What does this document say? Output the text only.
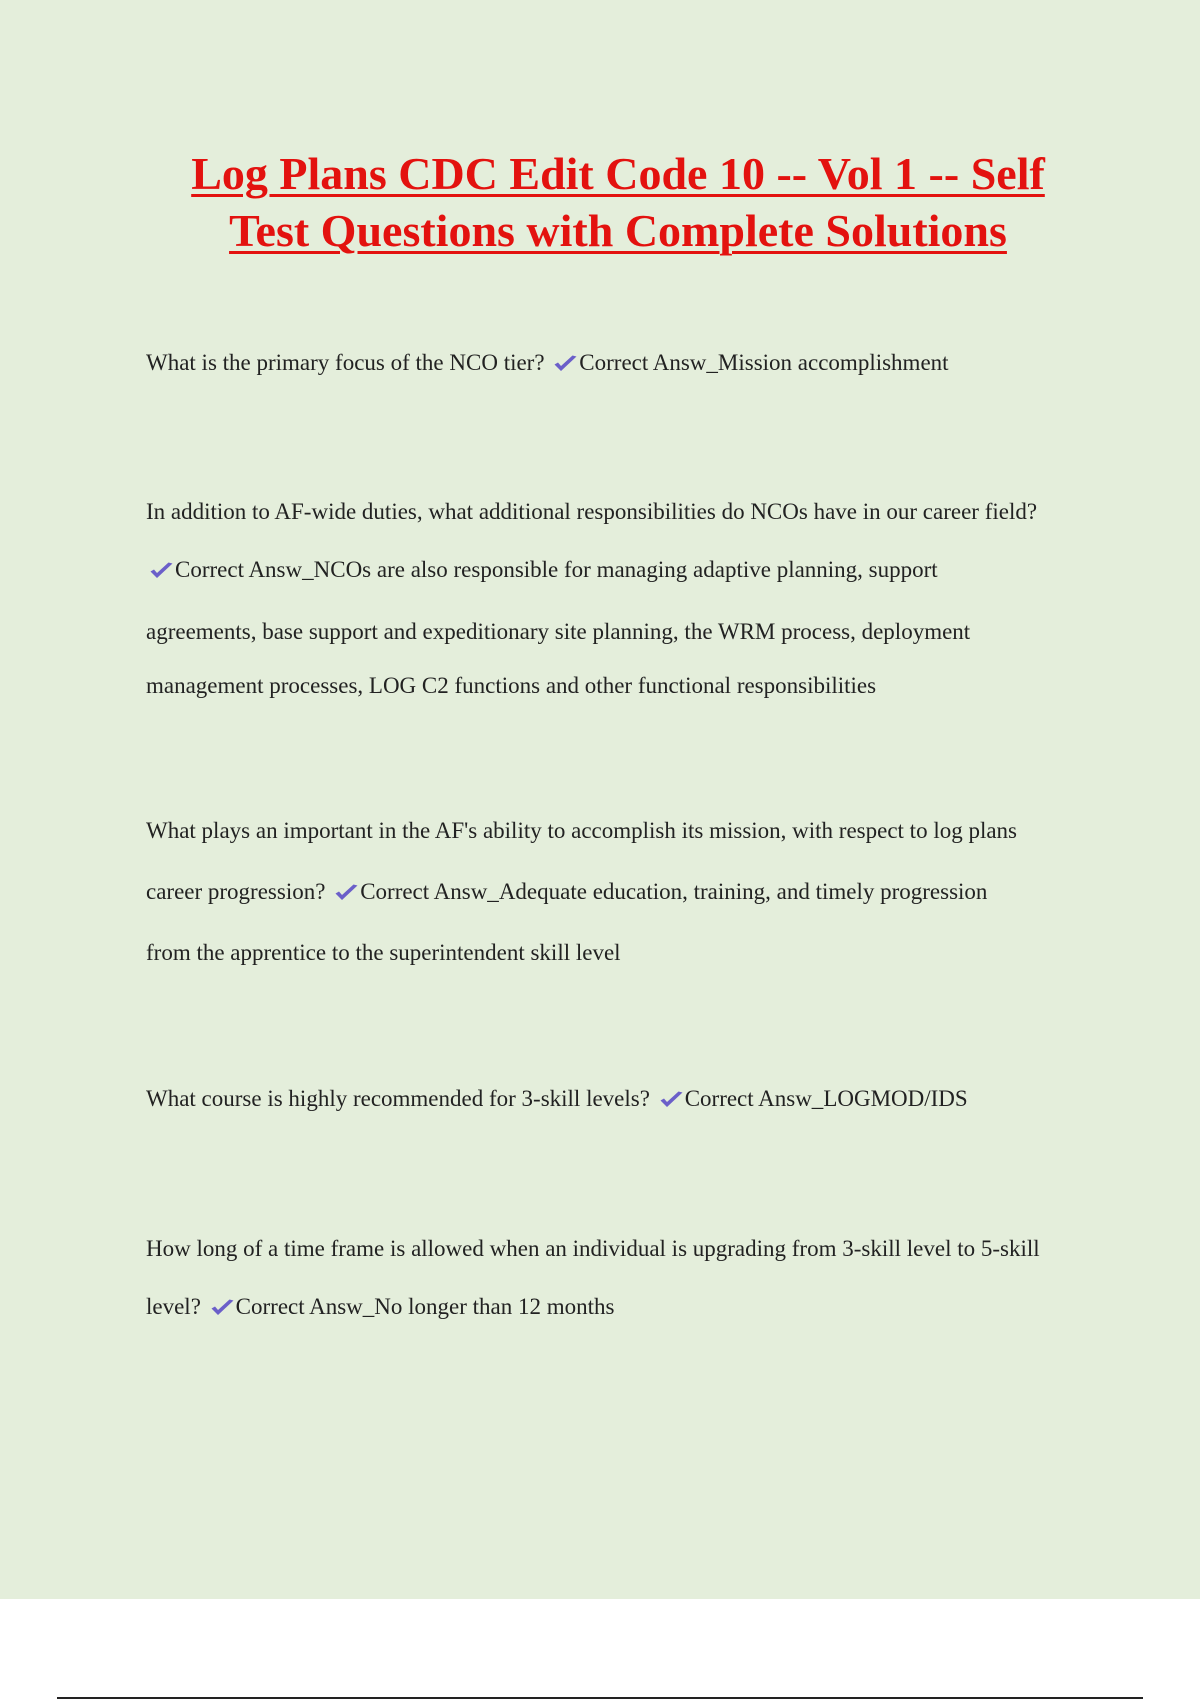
Log Plans CDC Edit Code 10 -- Vol 1 -- Self
Test Questions with Complete Solutions
What is the primary focus of the NCO tier? Correct Answ_Mission accomplishment
In addition to AF-wide duties, what additional responsibilities do NCOs have in our career field?
Correct Answ_NCOs are also responsible for managing adaptive planning, support
agreements, base support and expeditionary site planning, the WRM process, deployment
management processes, LOG C2 functions and other functional responsibilities
What plays an important in the AF's ability to accomplish its mission, with respect to log plans
career progression? Correct Answ_Adequate education, training, and timely progression
from the apprentice to the superintendent skill level
What course is highly recommended for 3-skill levels? Correct Answ_LOGMOD/IDS
How long of a time frame is allowed when an individual is upgrading from 3-skill level to 5-skill
level? Correct Answ_No longer than 12 months
